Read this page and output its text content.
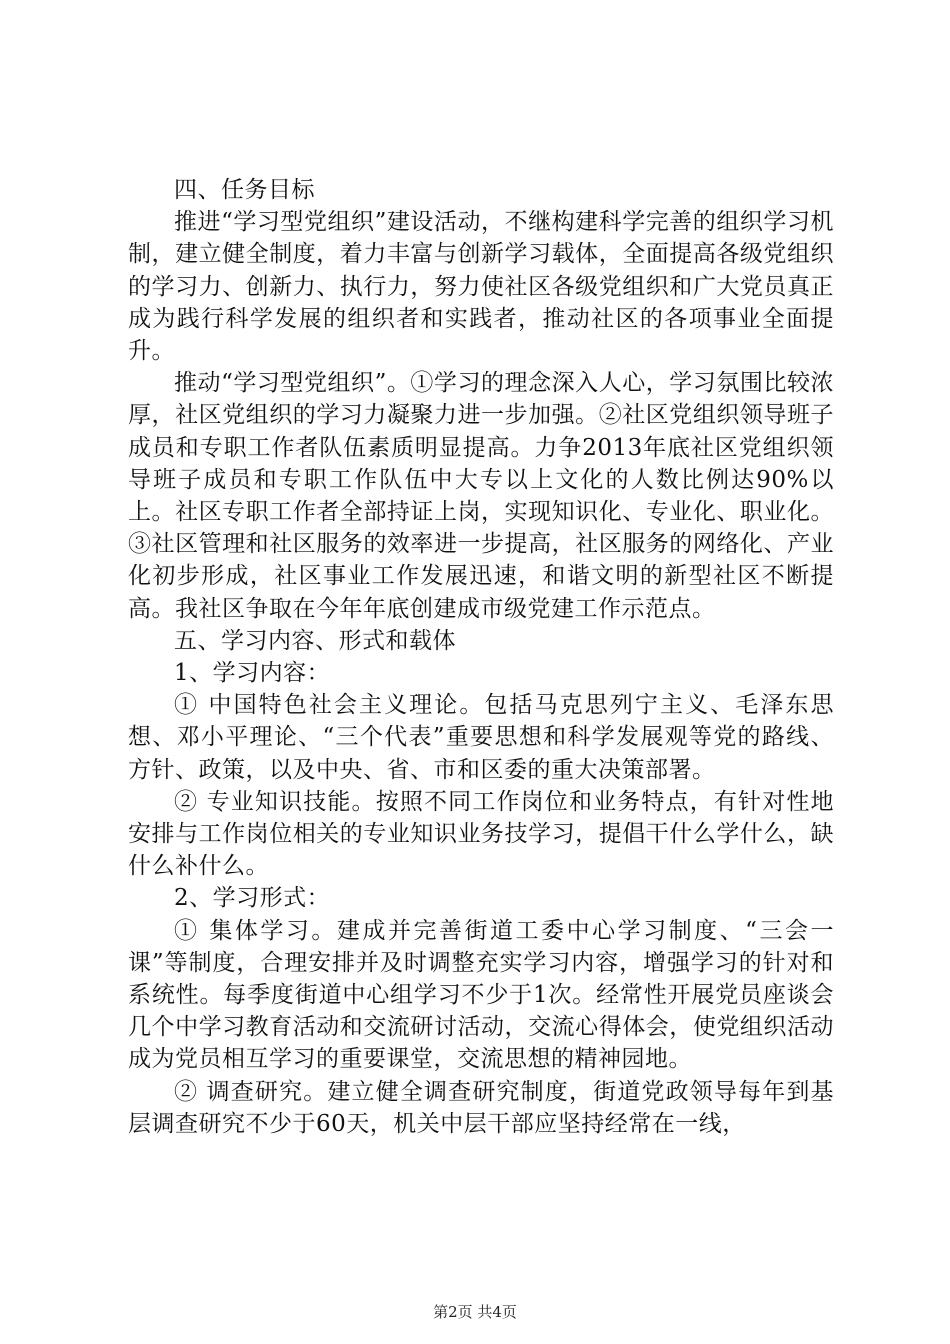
四、任务目标

推进“学习型党组织”建设活动，不继构建科学完善的组织学习机制，建立健全制度，着力丰富与创新学习载体，全面提高各级党组织的学习力、创新力、执行力，努力使社区各级党组织和广大党员真正成为践行科学发展的组织者和实践者，推动社区的各项事业全面提升。

推动“学习型党组织”。①学习的理念深入人心，学习氛围比较浓厚，社区党组织的学习力凝聚力进一步加强。②社区党组织领导班子成员和专职工作者队伍素质明显提高。力争2013年底社区党组织领导班子成员和专职工作队伍中大专以上文化的人数比例达90%以上。社区专职工作者全部持证上岗，实现知识化、专业化、职业化。③社区管理和社区服务的效率进一步提高，社区服务的网络化、产业化初步形成，社区事业工作发展迅速，和谐文明的新型社区不断提高。我社区争取在今年年底创建成市级党建工作示范点。

五、学习内容、形式和载体

1、学习内容：

① 中国特色社会主义理论。包括马克思列宁主义、毛泽东思想、邓小平理论、“三个代表”重要思想和科学发展观等党的路线、方针、政策，以及中央、省、市和区委的重大决策部署。

② 专业知识技能。按照不同工作岗位和业务特点，有针对性地安排与工作岗位相关的专业知识业务技学习，提倡干什么学什么，缺什么补什么。

2、学习形式：

① 集体学习。建成并完善街道工委中心学习制度、“三会一课”等制度，合理安排并及时调整充实学习内容，增强学习的针对和系统性。每季度街道中心组学习不少于1次。经常性开展党员座谈会几个中学习教育活动和交流研讨活动，交流心得体会，使党组织活动成为党员相互学习的重要课堂，交流思想的精神园地。

② 调查研究。建立健全调查研究制度，街道党政领导每年到基层调查研究不少于60天，机关中层干部应坚持经常在一线，

第2页 共4页
